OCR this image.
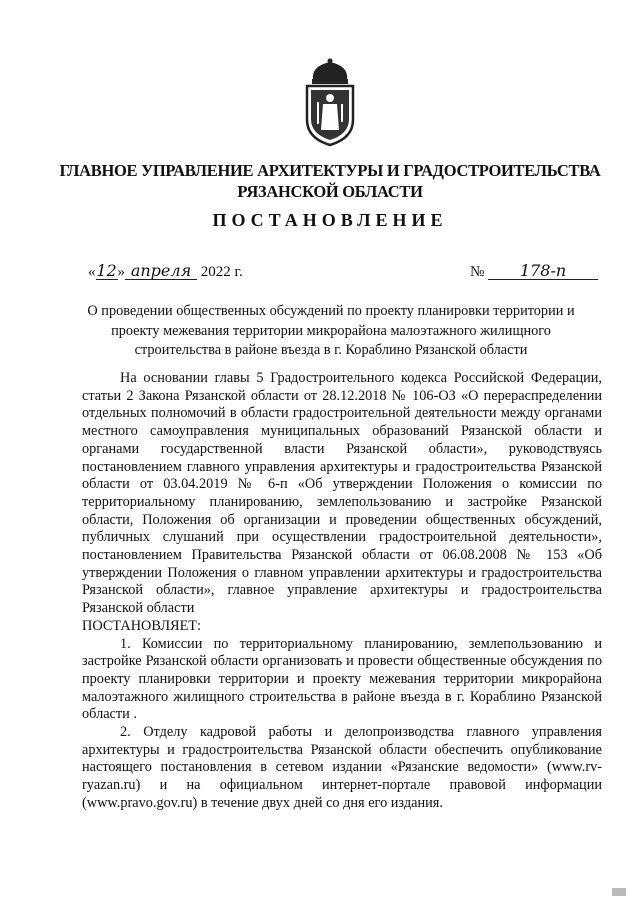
ГЛАВНОЕ УПРАВЛЕНИЕ АРХИТЕКТУРЫ И ГРАДОСТРОИТЕЛЬСТВА
РЯЗАНСКОЙ ОБЛАСТИ
ПОСТАНОВЛЕНИЕ
«12» апреля 2022 г.	№ 178-п
О проведении общественных обсуждений по проекту планировки территории и проекту межевания территории микрорайона малоэтажного жилищного строительства в районе въезда в г. Кораблино Рязанской области

На основании главы 5 Градостроительного кодекса Российской Федерации, статьи 2 Закона Рязанской области от 28.12.2018 № 106-ОЗ «О перераспределении отдельных полномочий в области градостроительной деятельности между органами местного самоуправления муниципальных образований Рязанской области и органами государственной власти Рязанской области», руководствуясь постановлением главного управления архитектуры и градостроительства Рязанской области от 03.04.2019 № 6-п «Об утверждении Положения о комиссии по территориальному планированию, землепользованию и застройке Рязанской области, Положения об организации и проведении общественных обсуждений, публичных слушаний при осуществлении градостроительной деятельности», постановлением Правительства Рязанской области от 06.08.2008 № 153 «Об утверждении Положения о главном управлении архитектуры и градостроительства Рязанской области», главное управление архитектуры и градостроительства Рязанской области

ПОСТАНОВЛЯЕТ:

1. Комиссии по территориальному планированию, землепользованию и застройке Рязанской области организовать и провести общественные обсуждения по проекту планировки территории и проекту межевания территории микрорайона малоэтажного жилищного строительства в районе въезда в г. Кораблино Рязанской области .

2. Отделу кадровой работы и делопроизводства главного управления архитектуры и градостроительства Рязанской области обеспечить опубликование настоящего постановления в сетевом издании «Рязанские ведомости» (www.rv-ryazan.ru) и на официальном интернет-портале правовой информации (www.pravo.gov.ru) в течение двух дней со дня его издания.
